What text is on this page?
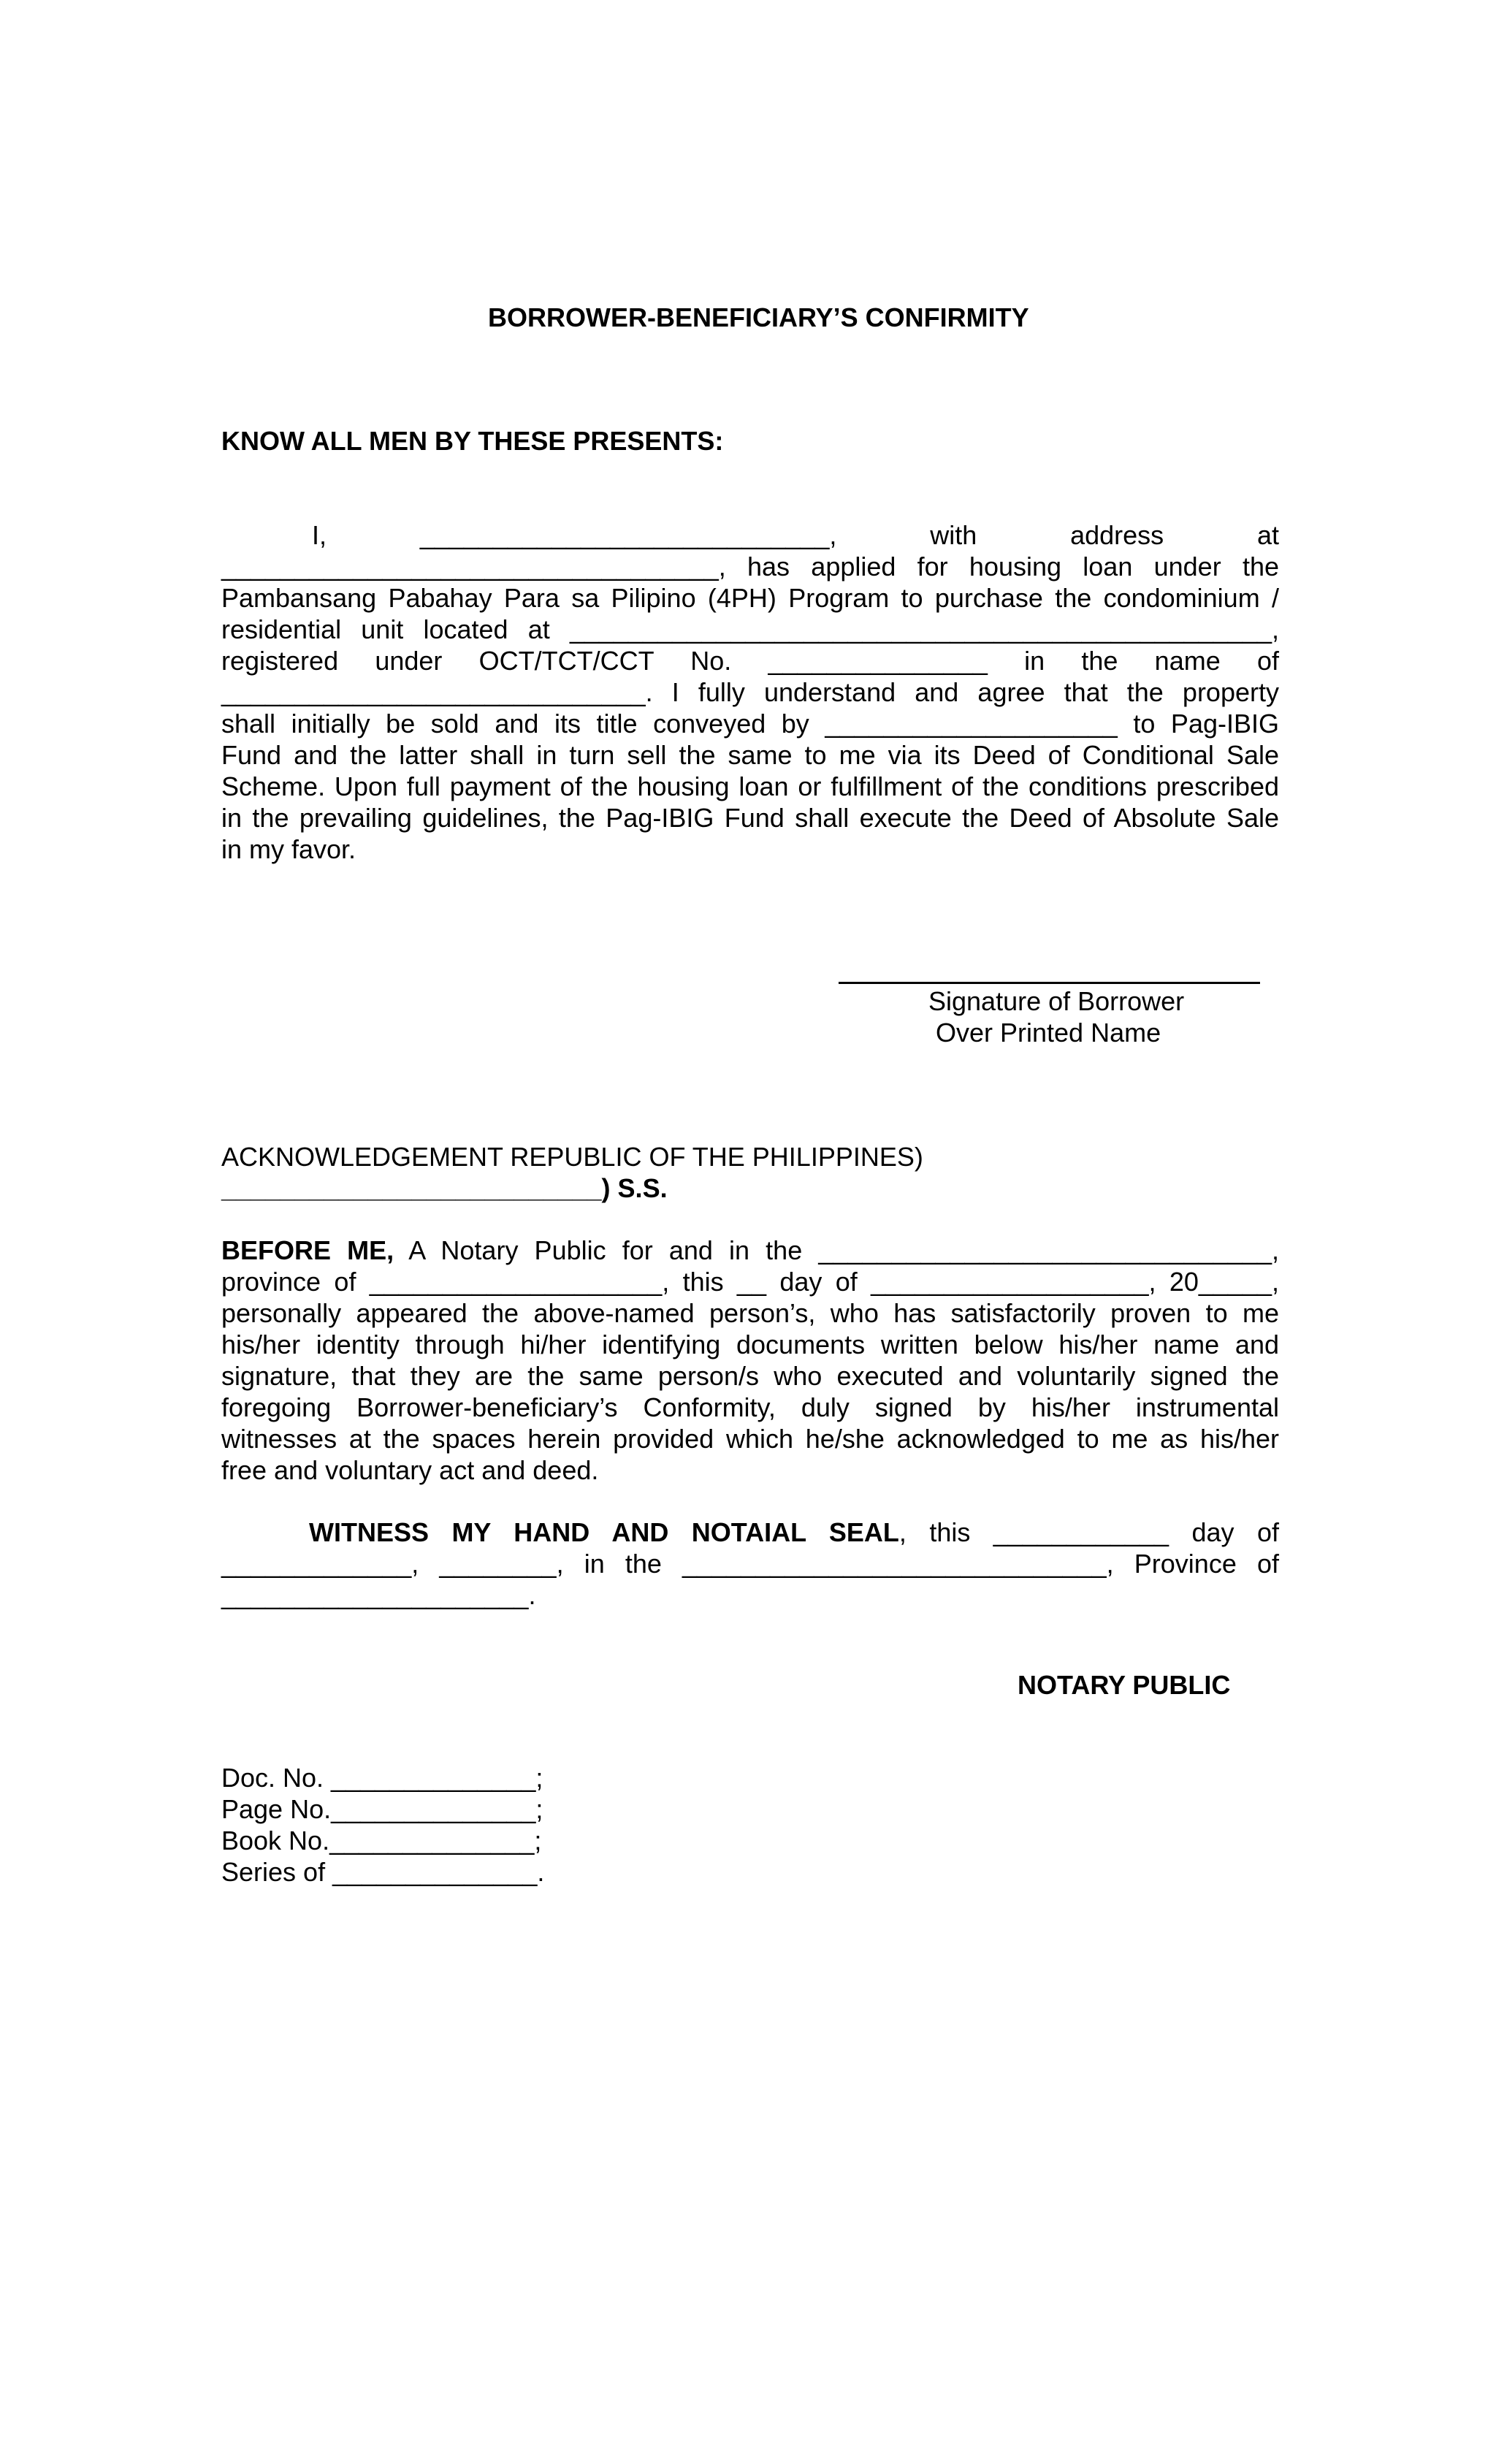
BORROWER-BENEFICIARY’S CONFIRMITY
KNOW ALL MEN BY THESE PRESENTS:
I, ____________________________, with address at
__________________________________, has applied for housing loan under the
Pambansang Pabahay Para sa Pilipino (4PH) Program to purchase the condominium /
residential unit located at ________________________________________________,
registered under OCT/TCT/CCT No. _______________ in the name of
_____________________________. I fully understand and agree that the property
shall initially be sold and its title conveyed by ____________________ to Pag-IBIG
Fund and the latter shall in turn sell the same to me via its Deed of Conditional Sale
Scheme. Upon full payment of the housing loan or fulfillment of the conditions prescribed
in the prevailing guidelines, the Pag-IBIG Fund shall execute the Deed of Absolute Sale
in my favor.
Signature of Borrower
Over Printed Name
ACKNOWLEDGEMENT REPUBLIC OF THE PHILIPPINES)
__________________________) S.S.
BEFORE ME, A Notary Public for and in the _______________________________,
province of ____________________, this __ day of ___________________, 20_____,
personally appeared the above-named person’s, who has satisfactorily proven to me
his/her identity through hi/her identifying documents written below his/her name and
signature, that they are the same person/s who executed and voluntarily signed the
foregoing Borrower-beneficiary’s Conformity, duly signed by his/her instrumental
witnesses at the spaces herein provided which he/she acknowledged to me as his/her
free and voluntary act and deed.
WITNESS MY HAND AND NOTAIAL SEAL, this ____________ day of
_____________, ________, in the _____________________________, Province of
_____________________.
NOTARY PUBLIC
Doc. No. ______________;
Page No.______________;
Book No.______________;
Series of ______________.
